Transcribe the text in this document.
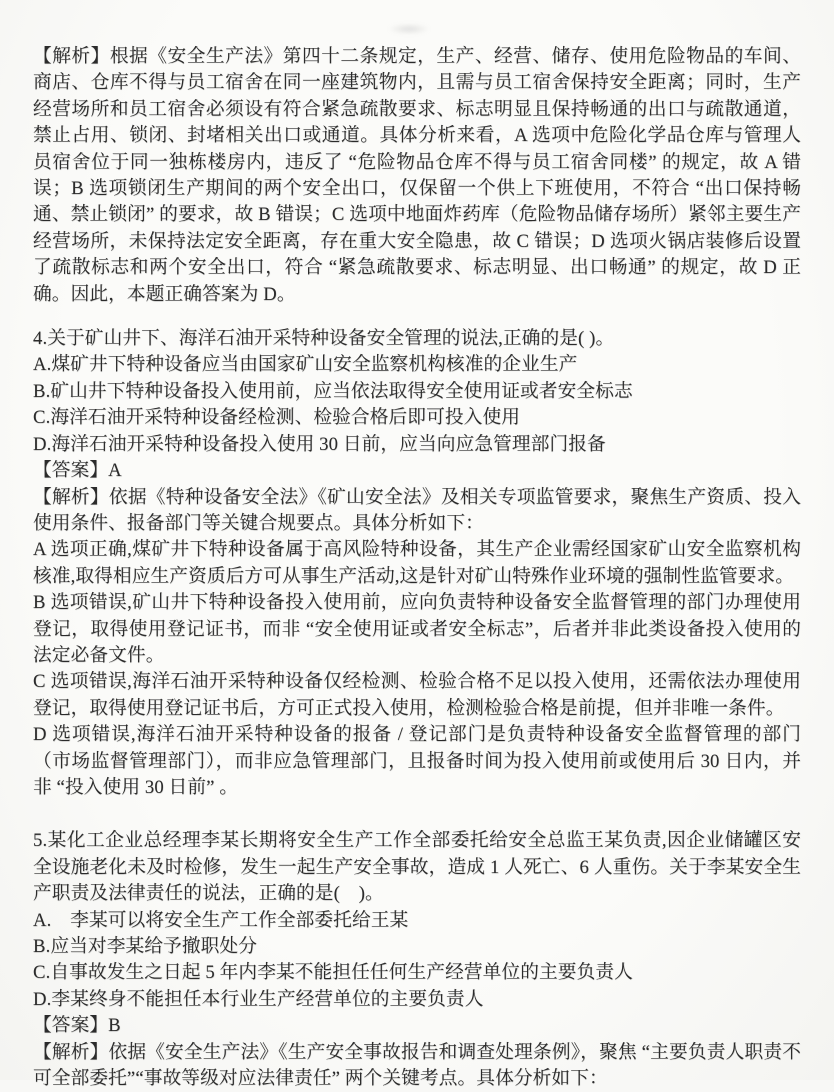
【解析】根据《安全生产法》第四十二条规定，生产、经营、储存、使用危险物品的车间、商店、仓库不得与员工宿舍在同一座建筑物内，且需与员工宿舍保持安全距离；同时，生产经营场所和员工宿舍必须设有符合紧急疏散要求、标志明显且保持畅通的出口与疏散通道，禁止占用、锁闭、封堵相关出口或通道。具体分析来看，A 选项中危险化学品仓库与管理人员宿舍位于同一独栋楼房内，违反了 “危险物品仓库不得与员工宿舍同楼” 的规定，故 A 错误；B 选项锁闭生产期间的两个安全出口，仅保留一个供上下班使用，不符合 “出口保持畅通、禁止锁闭” 的要求，故 B 错误；C 选项中地面炸药库（危险物品储存场所）紧邻主要生产经营场所，未保持法定安全距离，存在重大安全隐患，故 C 错误；D 选项火锅店装修后设置了疏散标志和两个安全出口，符合 “紧急疏散要求、标志明显、出口畅通” 的规定，故 D 正确。因此，本题正确答案为 D。

4.关于矿山井下、海洋石油开采特种设备安全管理的说法,正确的是( )。

A.煤矿井下特种设备应当由国家矿山安全监察机构核准的企业生产

B.矿山井下特种设备投入使用前，应当依法取得安全使用证或者安全标志

C.海洋石油开采特种设备经检测、检验合格后即可投入使用

D.海洋石油开采特种设备投入使用 30 日前，应当向应急管理部门报备

【答案】A

【解析】依据《特种设备安全法》《矿山安全法》及相关专项监管要求，聚焦生产资质、投入使用条件、报备部门等关键合规要点。具体分析如下：

A 选项正确,煤矿井下特种设备属于高风险特种设备，其生产企业需经国家矿山安全监察机构核准,取得相应生产资质后方可从事生产活动,这是针对矿山特殊作业环境的强制性监管要求。

B 选项错误,矿山井下特种设备投入使用前，应向负责特种设备安全监督管理的部门办理使用登记，取得使用登记证书，而非 “安全使用证或者安全标志”，后者并非此类设备投入使用的法定必备文件。

C 选项错误,海洋石油开采特种设备仅经检测、检验合格不足以投入使用，还需依法办理使用登记，取得使用登记证书后，方可正式投入使用，检测检验合格是前提，但并非唯一条件。

D 选项错误,海洋石油开采特种设备的报备 / 登记部门是负责特种设备安全监督管理的部门（市场监督管理部门），而非应急管理部门，且报备时间为投入使用前或使用后 30 日内，并非 “投入使用 30 日前” 。

5.某化工企业总经理李某长期将安全生产工作全部委托给安全总监王某负责,因企业储罐区安全设施老化未及时检修，发生一起生产安全事故，造成 1 人死亡、6 人重伤。关于李某安全生产职责及法律责任的说法，正确的是(　)。

A.　李某可以将安全生产工作全部委托给王某

B.应当对李某给予撤职处分

C.自事故发生之日起 5 年内李某不能担任任何生产经营单位的主要负责人

D.李某终身不能担任本行业生产经营单位的主要负责人

【答案】B

【解析】依据《安全生产法》《生产安全事故报告和调查处理条例》，聚焦 “主要负责人职责不可全部委托”“事故等级对应法律责任” 两个关键考点。具体分析如下：
